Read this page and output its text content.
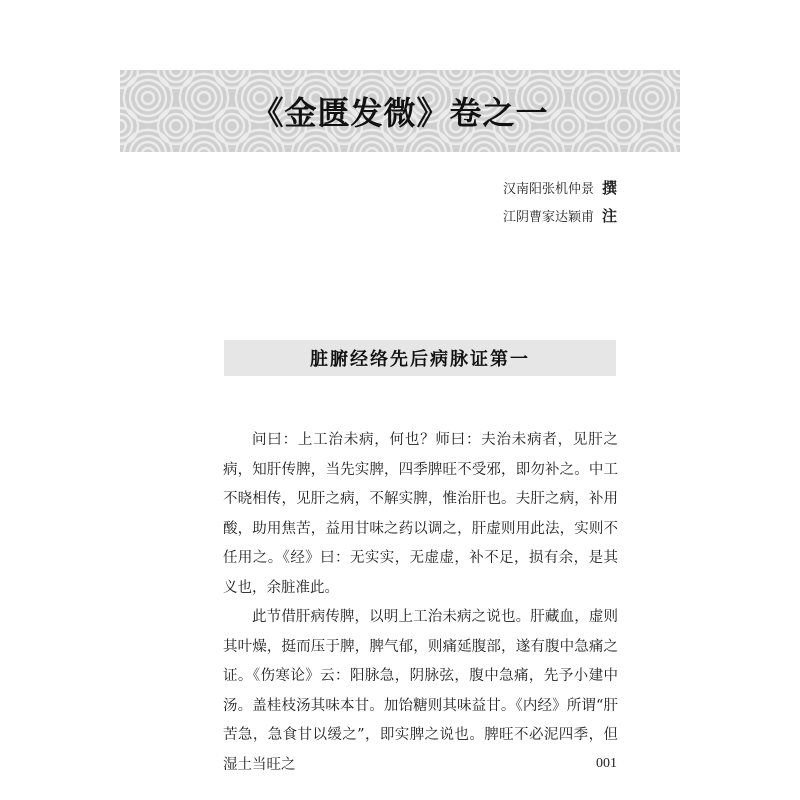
《金匮发微》卷之一
汉南阳张机仲景 撰
江阴曹家达颖甫 注
脏腑经络先后病脉证第一

问曰：上工治未病，何也？师曰：夫治未病者，见肝之病，知肝传脾，当先实脾，四季脾旺不受邪，即勿补之。中工不晓相传，见肝之病，不解实脾，惟治肝也。夫肝之病，补用酸，助用焦苦，益用甘味之药以调之，肝虚则用此法，实则不任用之。《经》曰：无实实，无虚虚，补不足，损有余，是其义也，余脏准此。

此节借肝病传脾，以明上工治未病之说也。肝藏血，虚则其叶燥，挺而压于脾，脾气郁，则痛延腹部，遂有腹中急痛之证。《伤寒论》云：阳脉急，阴脉弦，腹中急痛，先予小建中汤。盖桂枝汤其味本甘。加饴糖则其味益甘。《内经》所谓“肝苦急，急食甘以缓之”，即实脾之说也。脾旺不必泥四季，但湿土当旺之	001
